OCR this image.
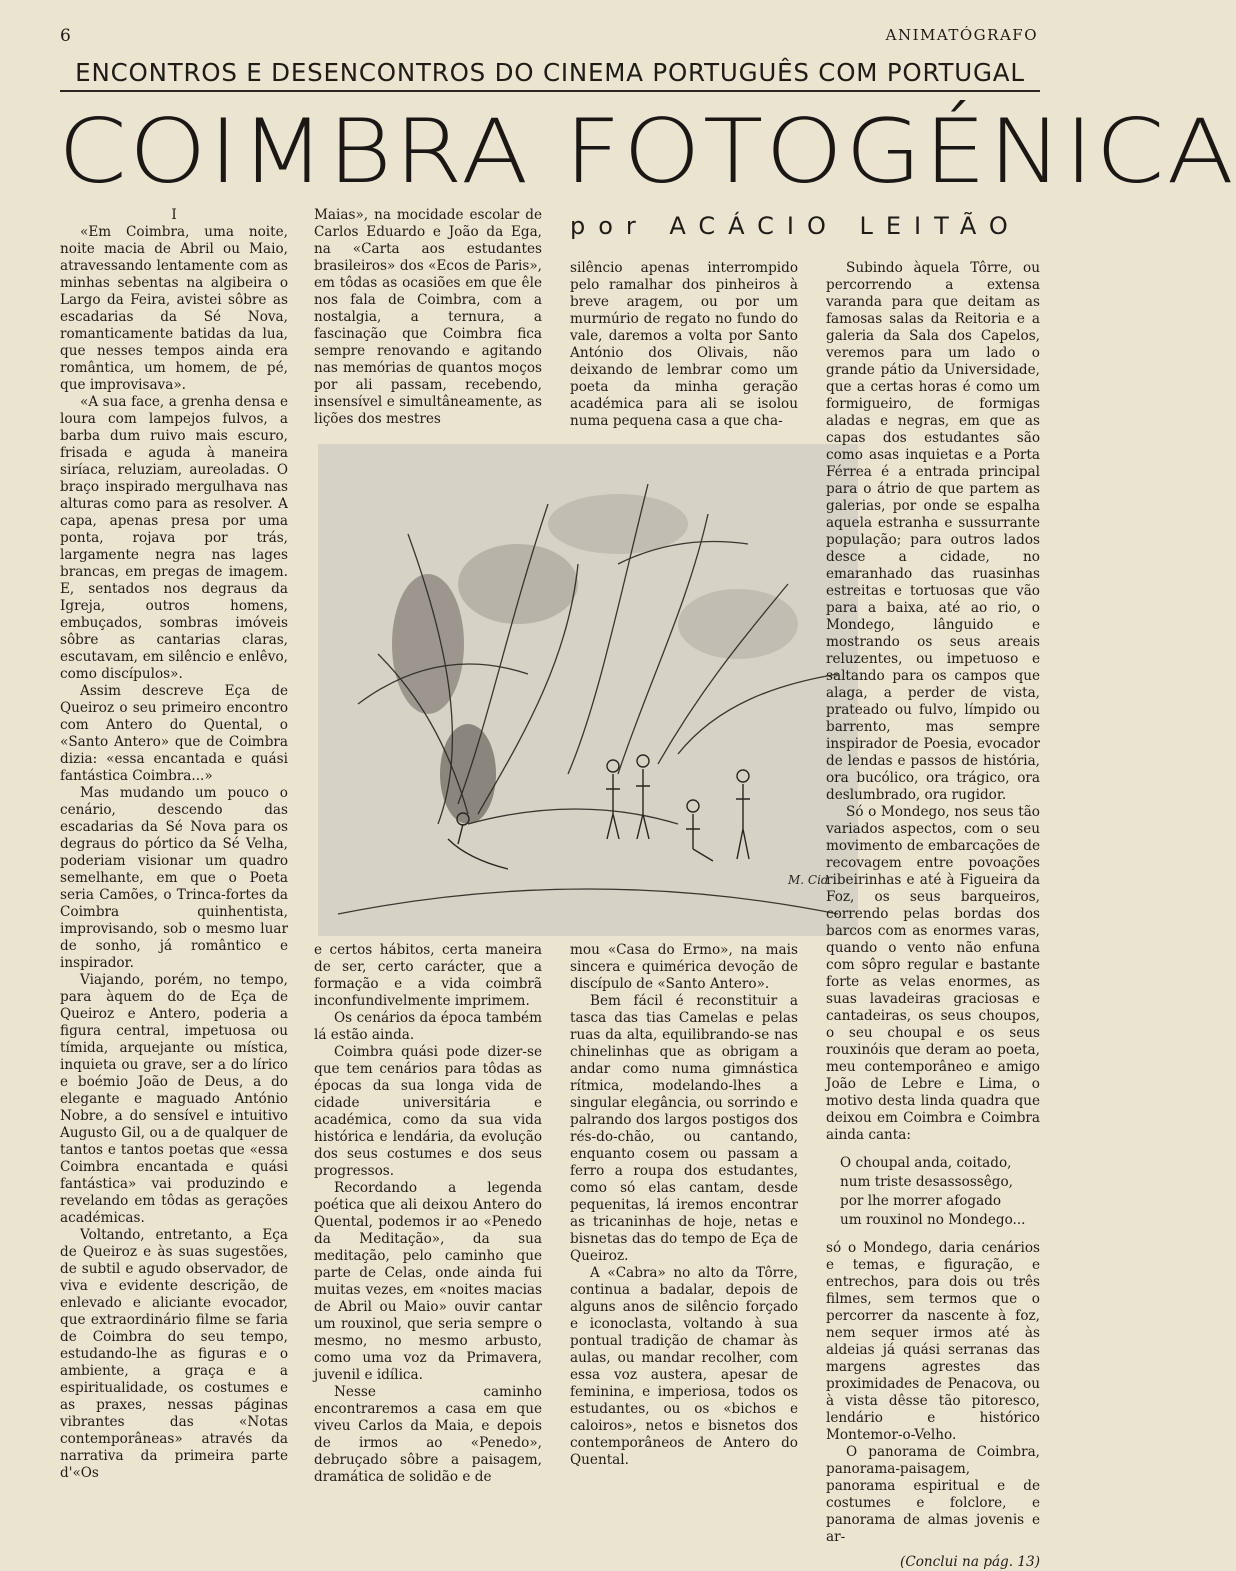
6	ANIMATÓGRAFO
ENCONTROS E DESENCONTROS DO CINEMA PORTUGUÊS COM PORTUGAL
COIMBRA FOTOGÉNICA
por ACÁCIO LEITÃO

I

«Em Coimbra, uma noite, noite macia de Abril ou Maio, atravessando lentamente com as minhas sebentas na algibeira o Largo da Feira, avistei sôbre as escadarias da Sé Nova, romanticamente batidas da lua, que nesses tempos ainda era romântica, um homem, de pé, que improvisava».

«A sua face, a grenha densa e loura com lampejos fulvos, a barba dum ruivo mais escuro, frisada e aguda à maneira siríaca, reluziam, aureoladas. O braço inspirado mergulhava nas alturas como para as resolver. A capa, apenas presa por uma ponta, rojava por trás, largamente negra nas lages brancas, em pregas de imagem. E, sentados nos degraus da Igreja, outros homens, embuçados, sombras imóveis sôbre as cantarias claras, escutavam, em silêncio e enlêvo, como discípulos».

Assim descreve Eça de Queiroz o seu primeiro encontro com Antero do Quental, o «Santo Antero» que de Coimbra dizia: «essa encantada e quási fantástica Coimbra...»

Mas mudando um pouco o cenário, descendo das escadarias da Sé Nova para os degraus do pórtico da Sé Velha, poderiam visionar um quadro semelhante, em que o Poeta seria Camões, o Trinca-fortes da Coimbra quinhentista, improvisando, sob o mesmo luar de sonho, já romântico e inspirador.

Viajando, porém, no tempo, para àquem do de Eça de Queiroz e Antero, poderia a figura central, impetuosa ou tímida, arquejante ou mística, inquieta ou grave, ser a do lírico e boémio João de Deus, a do elegante e maguado António Nobre, a do sensível e intuitivo Augusto Gil, ou a de qualquer de tantos e tantos poetas que «essa Coimbra encantada e quási fantástica» vai produzindo e revelando em tôdas as gerações académicas.

Voltando, entretanto, a Eça de Queiroz e às suas sugestões, de subtil e agudo observador, de viva e evidente descrição, de enlevado e aliciante evocador, que extraordinário filme se faria de Coimbra do seu tempo, estudando-lhe as figuras e o ambiente, a graça e a espiritualidade, os costumes e as praxes, nessas páginas vibrantes das «Notas contemporâneas» através da narrativa da primeira parte d'«Os

Maias», na mocidade escolar de Carlos Eduardo e João da Ega, na «Carta aos estudantes brasileiros» dos «Ecos de Paris», em tôdas as ocasiões em que êle nos fala de Coimbra, com a nostalgia, a ternura, a fascinação que Coimbra fica sempre renovando e agitando nas memórias de quantos moços por ali passam, recebendo, insensível e simultâneamente, as lições dos mestres

silêncio apenas interrompido pelo ramalhar dos pinheiros à breve aragem, ou por um murmúrio de regato no fundo do vale, daremos a volta por Santo António dos Olivais, não deixando de lembrar como um poeta da minha geração académica para ali se isolou numa pequena casa a que cha-

M. Cid

e certos hábitos, certa maneira de ser, certo carácter, que a formação e a vida coimbrã inconfundivelmente imprimem.

Os cenários da época também lá estão ainda.

Coimbra quási pode dizer-se que tem cenários para tôdas as épocas da sua longa vida de cidade universitária e académica, como da sua vida histórica e lendária, da evolução dos seus costumes e dos seus progressos.

Recordando a legenda poética que ali deixou Antero do Quental, podemos ir ao «Penedo da Meditação», da sua meditação, pelo caminho que parte de Celas, onde ainda fui muitas vezes, em «noites macias de Abril ou Maio» ouvir cantar um rouxinol, que seria sempre o mesmo, no mesmo arbusto, como uma voz da Primavera, juvenil e idílica.

Nesse caminho encontraremos a casa em que viveu Carlos da Maia, e depois de irmos ao «Penedo», debruçado sôbre a paisagem, dramática de solidão e de

mou «Casa do Ermo», na mais sincera e quimérica devoção de discípulo de «Santo Antero».

Bem fácil é reconstituir a tasca das tias Camelas e pelas ruas da alta, equilibrando-se nas chinelinhas que as obrigam a andar como numa gimnástica rítmica, modelando-lhes a singular elegância, ou sorrindo e palrando dos largos postigos dos rés-do-chão, ou cantando, enquanto cosem ou passam a ferro a roupa dos estudantes, como só elas cantam, desde pequenitas, lá iremos encontrar as tricaninhas de hoje, netas e bisnetas das do tempo de Eça de Queiroz.

A «Cabra» no alto da Tôrre, continua a badalar, depois de alguns anos de silêncio forçado e iconoclasta, voltando à sua pontual tradição de chamar às aulas, ou mandar recolher, com essa voz austera, apesar de feminina, e imperiosa, todos os estudantes, ou os «bichos e caloiros», netos e bisnetos dos contemporâneos de Antero do Quental.

Subindo àquela Tôrre, ou percorrendo a extensa varanda para que deitam as famosas salas da Reitoria e a galeria da Sala dos Capelos, veremos para um lado o grande pátio da Universidade, que a certas horas é como um formigueiro, de formigas aladas e negras, em que as capas dos estudantes são como asas inquietas e a Porta Férrea é a entrada principal para o átrio de que partem as galerias, por onde se espalha aquela estranha e sussurrante população; para outros lados desce a cidade, no emaranhado das ruasinhas estreitas e tortuosas que vão para a baixa, até ao rio, o Mondego, lânguido e mostrando os seus areais reluzentes, ou impetuoso e saltando para os campos que alaga, a perder de vista, prateado ou fulvo, límpido ou barrento, mas sempre inspirador de Poesia, evocador de lendas e passos de história, ora bucólico, ora trágico, ora deslumbrado, ora rugidor.

Só o Mondego, nos seus tão variados aspectos, com o seu movimento de embarcações de recovagem entre povoações ribeirinhas e até à Figueira da Foz, os seus barqueiros, correndo pelas bordas dos barcos com as enormes varas, quando o vento não enfuna com sôpro regular e bastante forte as velas enormes, as suas lavadeiras graciosas e cantadeiras, os seus choupos, o seu choupal e os seus rouxinóis que deram ao poeta, meu contemporâneo e amigo João de Lebre e Lima, o motivo desta linda quadra que deixou em Coimbra e Coimbra ainda canta:

O choupal anda, coitado,
num triste desassossêgo,
por lhe morrer afogado
um rouxinol no Mondego...

só o Mondego, daria cenários e temas, e figuração, e entrechos, para dois ou três filmes, sem termos que o percorrer da nascente à foz, nem sequer irmos até às aldeias já quási serranas das margens agrestes das proximidades de Penacova, ou à vista dêsse tão pitoresco, lendário e histórico Montemor-o-Velho.

O panorama de Coimbra, panorama-paisagem, panorama espiritual e de costumes e folclore, e panorama de almas jovenis e ar-

(Conclui na pág. 13)
